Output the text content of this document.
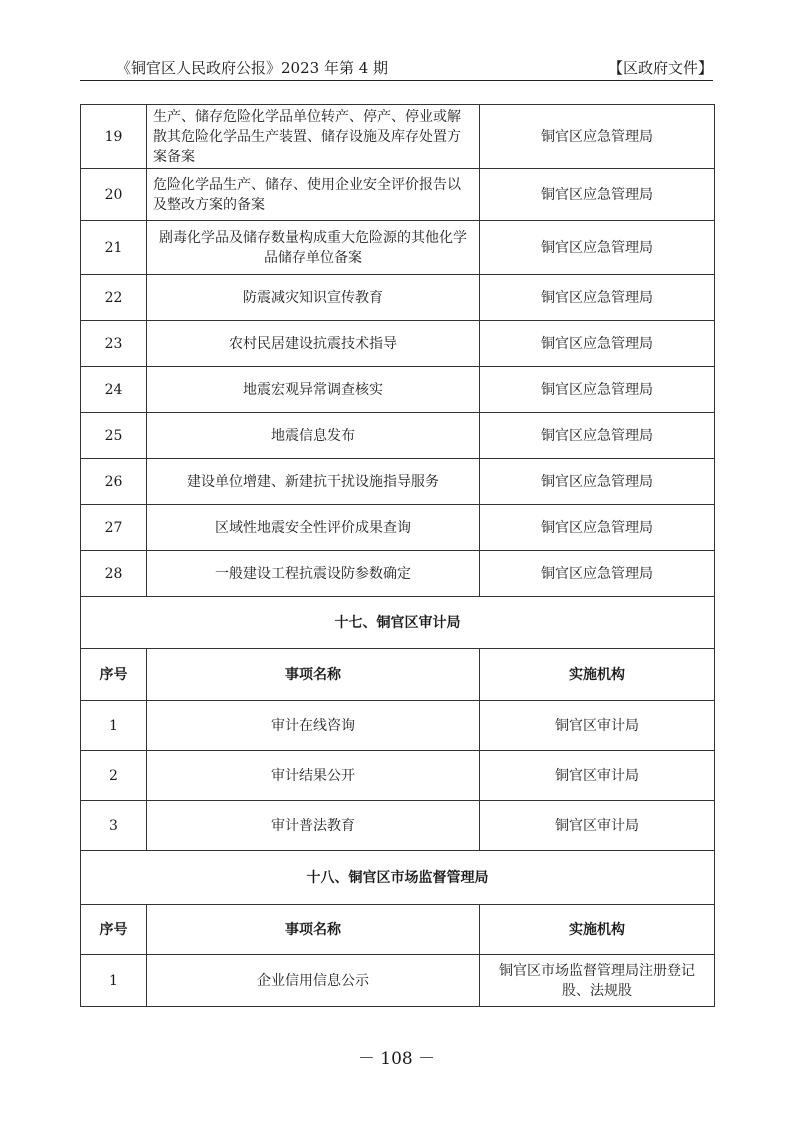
《铜官区人民政府公报》2023 年第 4 期	【区政府文件】
19	生产、储存危险化学品单位转产、停产、停业或解散其危险化学品生产装置、储存设施及库存处置方案备案	铜官区应急管理局
20	危险化学品生产、储存、使用企业安全评价报告以及整改方案的备案	铜官区应急管理局
21	剧毒化学品及储存数量构成重大危险源的其他化学品储存单位备案	铜官区应急管理局
22	防震减灾知识宣传教育	铜官区应急管理局
23	农村民居建设抗震技术指导	铜官区应急管理局
24	地震宏观异常调查核实	铜官区应急管理局
25	地震信息发布	铜官区应急管理局
26	建设单位增建、新建抗干扰设施指导服务	铜官区应急管理局
27	区域性地震安全性评价成果查询	铜官区应急管理局
28	一般建设工程抗震设防参数确定	铜官区应急管理局
十七、铜官区审计局		
序号	事项名称	实施机构
1	审计在线咨询	铜官区审计局
2	审计结果公开	铜官区审计局
3	审计普法教育	铜官区审计局
十八、铜官区市场监督管理局		
序号	事项名称	实施机构
1	企业信用信息公示	铜官区市场监督管理局注册登记股、法规股
－ 108 －
